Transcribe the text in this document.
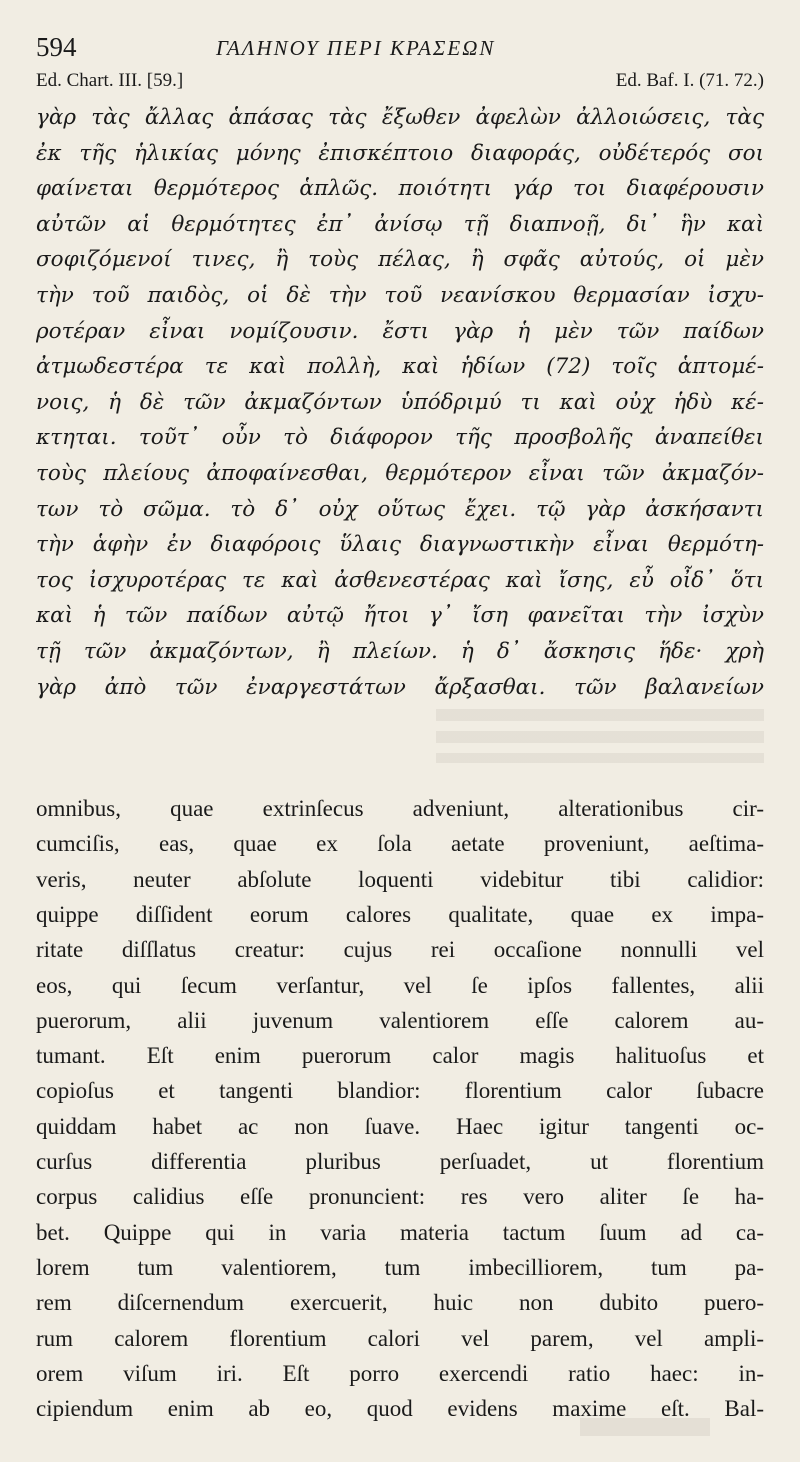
594	ΓΑΛΗΝΟΥ ΠΕΡΙ ΚΡΑΣΕΩΝ
Ed. Chart. III. [59.]	Ed. Baf. I. (71. 72.)
γὰρ τὰς ἄλλας ἁπάσας τὰς ἔξωθεν ἀφελὼν ἀλλοιώσεις, τὰς
ἐκ τῆς ἡλικίας μόνης ἐπισκέπτοιο διαφοράς, οὐδέτερός σοι
φαίνεται θερμότερος ἁπλῶς. ποιότητι γάρ τοι διαφέρουσιν
αὐτῶν αἱ θερμότητες ἐπ᾽ ἀνίσῳ τῇ διαπνοῇ, δι᾽ ἣν καὶ
σοφιζόμενοί τινες, ἢ τοὺς πέλας, ἢ σφᾶς αὐτούς, οἱ μὲν
τὴν τοῦ παιδὸς, οἱ δὲ τὴν τοῦ νεανίσκου θερμασίαν ἰσχυ-
ροτέραν εἶναι νομίζουσιν. ἔστι γὰρ ἡ μὲν τῶν παίδων
ἀτμωδεστέρα τε καὶ πολλὴ, καὶ ἡδίων (72) τοῖς ἁπτομέ-
νοις, ἡ δὲ τῶν ἀκμαζόντων ὑπόδριμύ τι καὶ οὐχ ἡδὺ κέ-
κτηται. τοῦτ᾽ οὖν τὸ διάφορον τῆς προσβολῆς ἀναπείθει
τοὺς πλείους ἀποφαίνεσθαι, θερμότερον εἶναι τῶν ἀκμαζόν-
των τὸ σῶμα. τὸ δ᾽ οὐχ οὕτως ἔχει. τῷ γὰρ ἀσκήσαντι
τὴν ἁφὴν ἐν διαφόροις ὕλαις διαγνωστικὴν εἶναι θερμότη-
τος ἰσχυροτέρας τε καὶ ἀσθενεστέρας καὶ ἴσης, εὖ οἶδ᾽ ὅτι
καὶ ἡ τῶν παίδων αὐτῷ ἤτοι γ᾽ ἴση φανεῖται τὴν ἰσχὺν
τῇ τῶν ἀκμαζόντων, ἢ πλείων. ἡ δ᾽ ἄσκησις ἥδε· χρὴ
γὰρ ἀπὸ τῶν ἐναργεστάτων ἄρξασθαι. τῶν βαλανείων
omnibus, quae extrinſecus adveniunt, alterationibus cir-
cumciſis, eas, quae ex ſola aetate proveniunt, aeſtima-
veris, neuter abſolute loquenti videbitur tibi calidior:
quippe diſſident eorum calores qualitate, quae ex impa-
ritate diſſlatus creatur: cujus rei occaſione nonnulli vel
eos, qui ſecum verſantur, vel ſe ipſos fallentes, alii
puerorum, alii juvenum valentiorem eſſe calorem au-
tumant. Eſt enim puerorum calor magis halituoſus et
copioſus et tangenti blandior: florentium calor ſubacre
quiddam habet ac non ſuave. Haec igitur tangenti oc-
curſus differentia pluribus perſuadet, ut florentium
corpus calidius eſſe pronuncient: res vero aliter ſe ha-
bet. Quippe qui in varia materia tactum ſuum ad ca-
lorem tum valentiorem, tum imbecilliorem, tum pa-
rem diſcernendum exercuerit, huic non dubito puero-
rum calorem florentium calori vel parem, vel ampli-
orem viſum iri. Eſt porro exercendi ratio haec: in-
cipiendum enim ab eo, quod evidens maxime eſt. Bal-
